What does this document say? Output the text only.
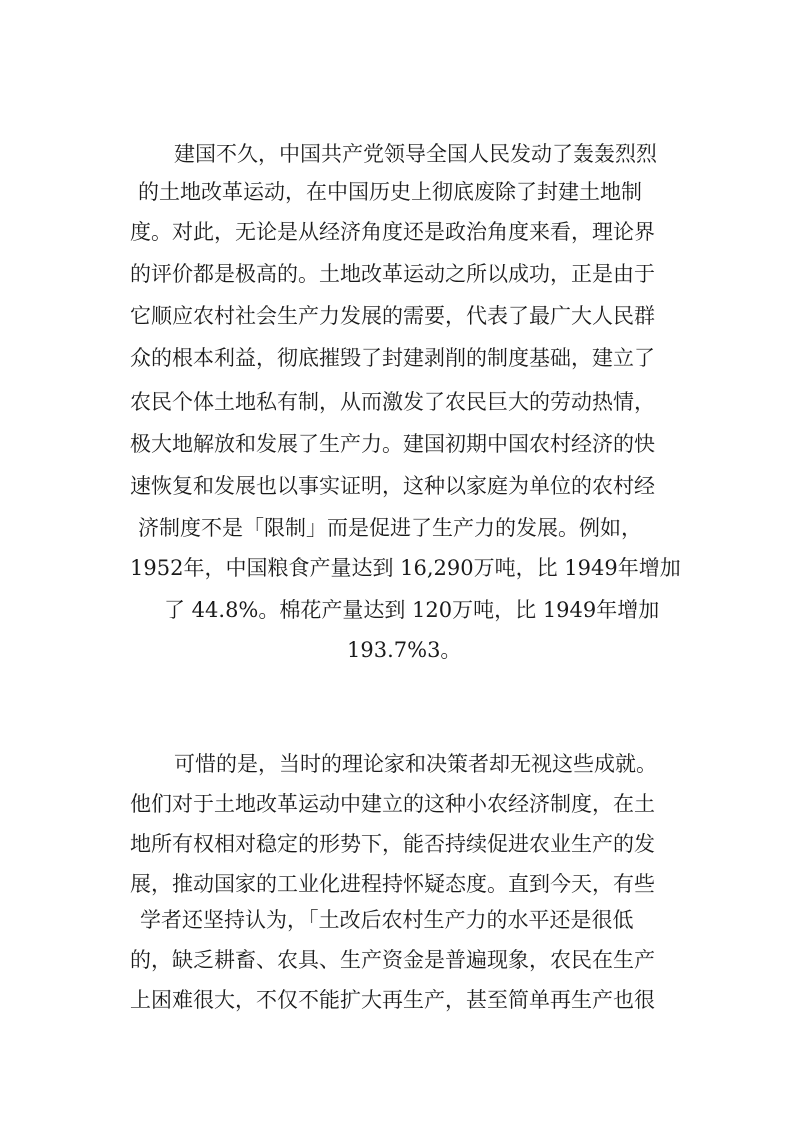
建国不久，中国共产党领导全国人民发动了轰轰烈烈
的土地改革运动，在中国历史上彻底废除了封建土地制
度。对此，无论是从经济角度还是政治角度来看，理论界
的评价都是极高的。土地改革运动之所以成功，正是由于
它顺应农村社会生产力发展的需要，代表了最广大人民群
众的根本利益，彻底摧毁了封建剥削的制度基础，建立了
农民个体土地私有制，从而激发了农民巨大的劳动热情，
极大地解放和发展了生产力。建国初期中国农村经济的快
速恢复和发展也以事实证明，这种以家庭为单位的农村经
济制度不是「限制」而是促进了生产力的发展。例如，
1952年，中国粮食产量达到 16,290万吨，比 1949年增加
了 44.8%。棉花产量达到 120万吨，比 1949年增加
193.7%3。
可惜的是，当时的理论家和决策者却无视这些成就。
他们对于土地改革运动中建立的这种小农经济制度，在土
地所有权相对稳定的形势下，能否持续促进农业生产的发
展，推动国家的工业化进程持怀疑态度。直到今天，有些
学者还坚持认为，「土改后农村生产力的水平还是很低
的，缺乏耕畜、农具、生产资金是普遍现象，农民在生产
上困难很大，不仅不能扩大再生产，甚至简单再生产也很
